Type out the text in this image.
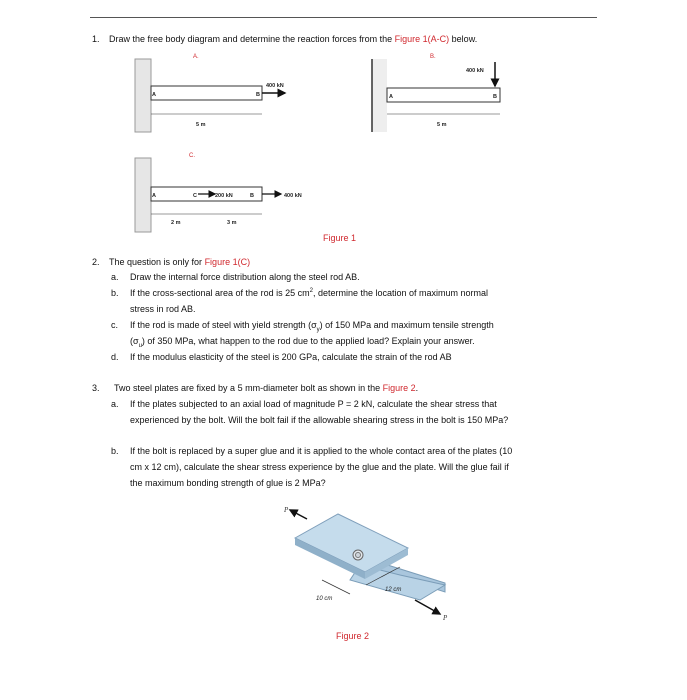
1. Draw the free body diagram and determine the reaction forces from the Figure 1(A-C) below.
A.
A	B
400 kN
5 m
B.
A	B
400 kN
5 m
C.
A	C	200 kN	B	400 kN
2 m	3 m
P
P
10 cm
12 cm
Figure 1
2. The question is only for Figure 1(C)
a. Draw the internal force distribution along the steel rod AB.
b. If the cross-sectional area of the rod is 25 $cm^2$, determine the location of maximum normal
stress in rod AB.
c. If the rod is made of steel with yield strength $(\sigma_y)$ of 150 MPa and maximum tensile strength
$(\sigma_u)$ of 350 MPa, what happen to the rod due to the applied load? Explain your answer.
d. If the modulus elasticity of the steel is 200 GPa, calculate the strain of the rod AB
3. Two steel plates are fixed by a 5 mm-diameter bolt as shown in the Figure 2.
a. If the plates subjected to an axial load of magnitude P = 2 kN, calculate the shear stress that
experienced by the bolt. Will the bolt fail if the allowable shearing stress in the bolt is 150 MPa?
b. If the bolt is replaced by a super glue and it is applied to the whole contact area of the plates (10
cm x 12 cm), calculate the shear stress experience by the glue and the plate. Will the glue fail if
the maximum bonding strength of glue is 2 MPa?
Figure 2
